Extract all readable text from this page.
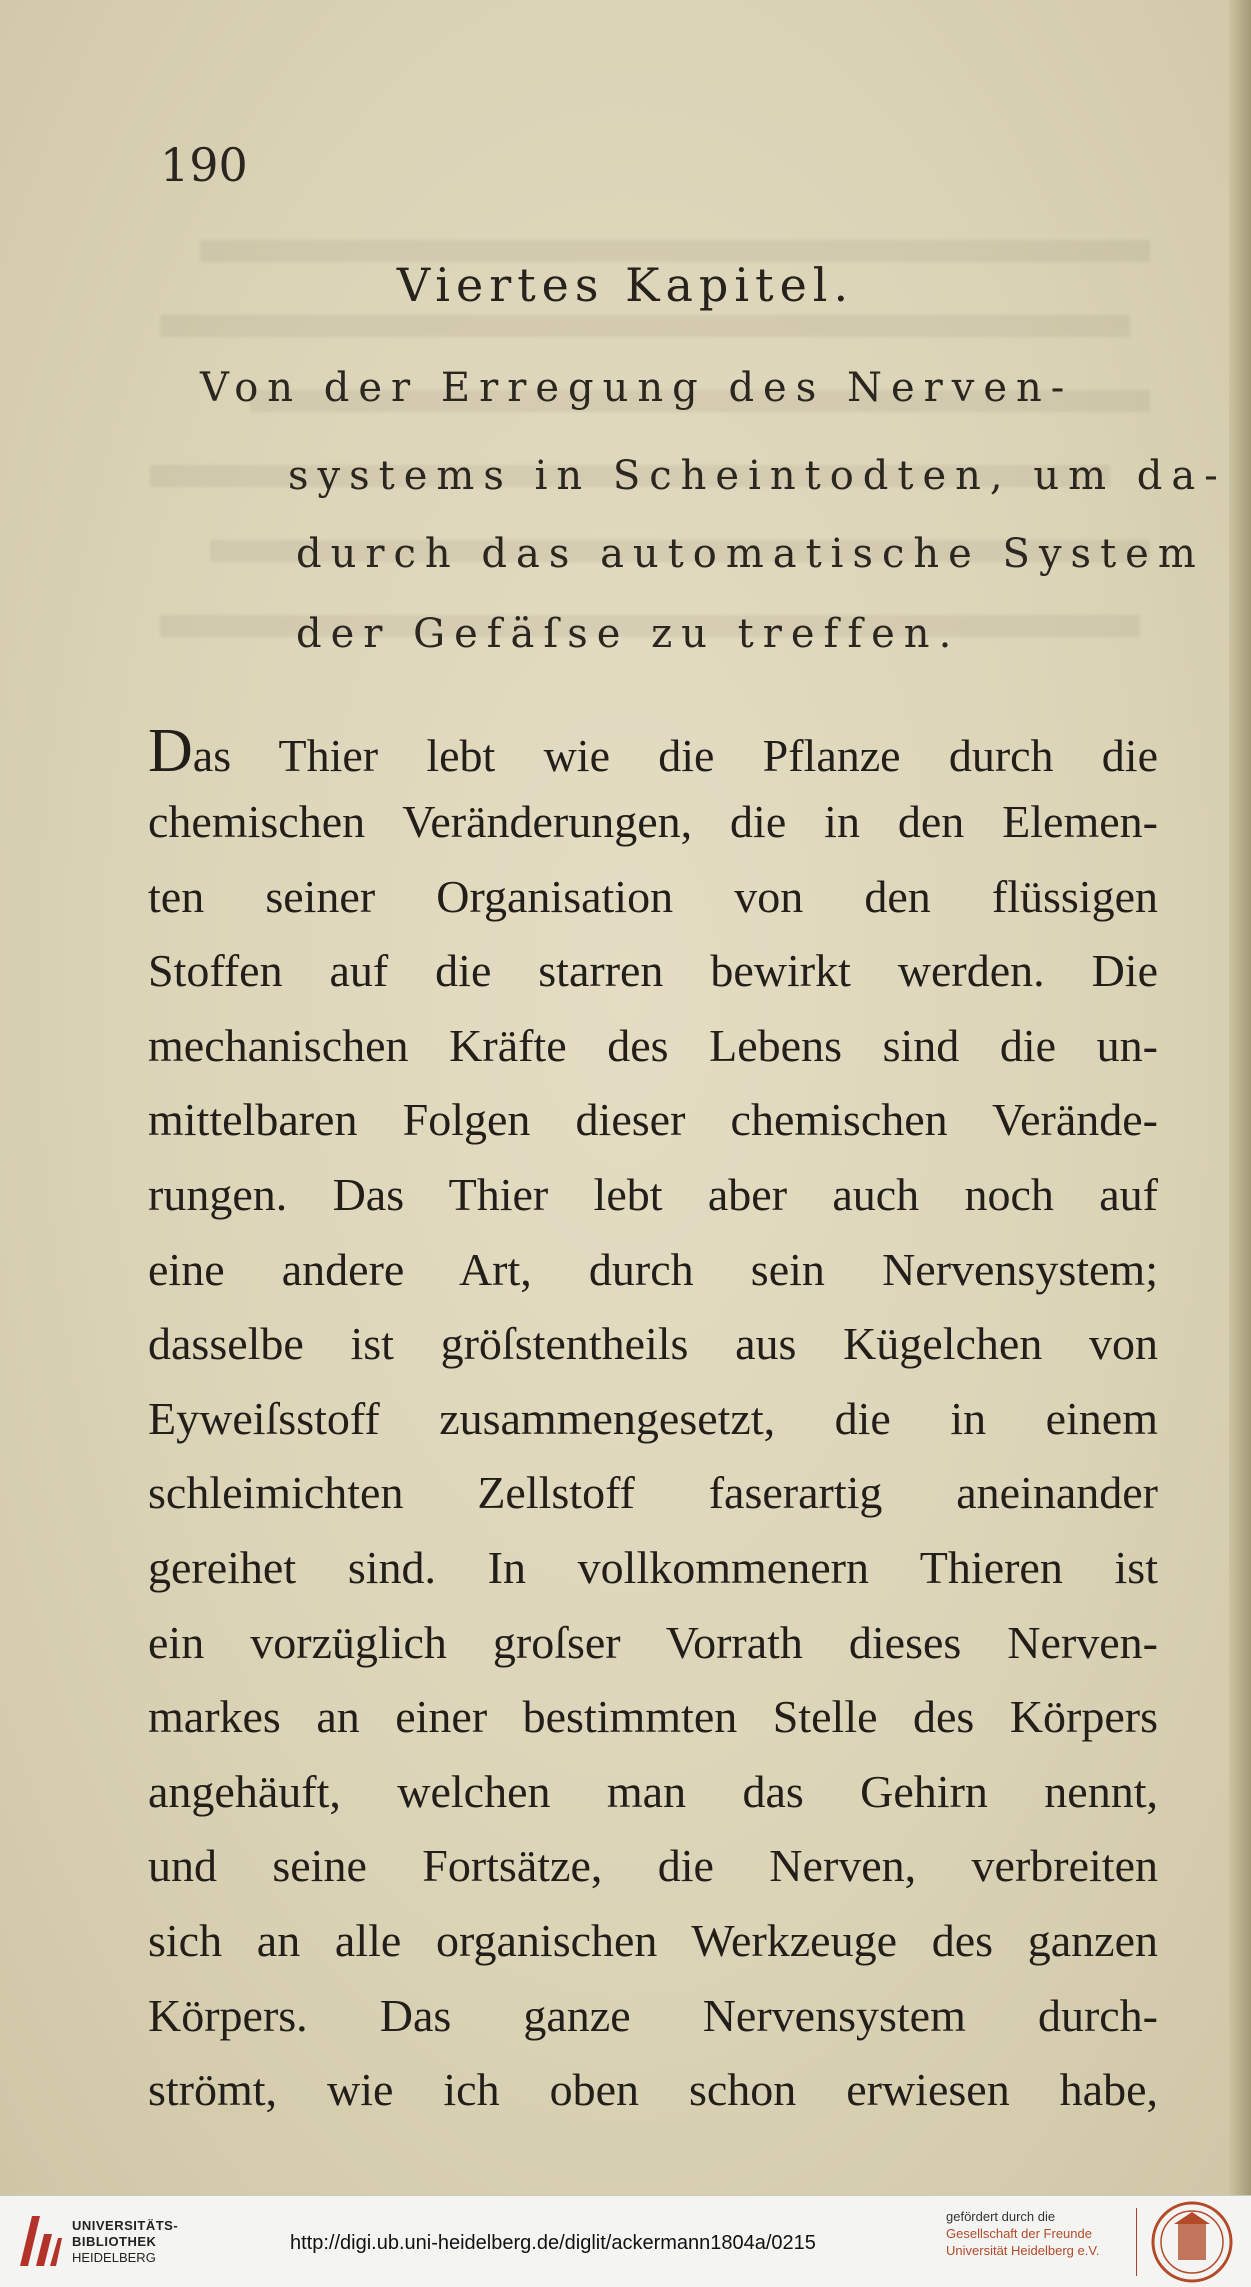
190
Viertes Kapitel.
Von der Erregung des Nerven-
systems in Scheintodten, um da-
durch das automatische System
der Gefäſse zu treffen.
Das Thier lebt wie die Pflanze durch die
chemischen Veränderungen, die in den Elemen-
ten seiner Organisation von den flüssigen
Stoffen auf die starren bewirkt werden. Die
mechanischen Kräfte des Lebens sind die un-
mittelbaren Folgen dieser chemischen Verände-
rungen. Das Thier lebt aber auch noch auf
eine andere Art, durch sein Nervensystem;
dasselbe ist gröſstentheils aus Kügelchen von
Eyweiſsstoff zusammengesetzt, die in einem
schleimichten Zellstoff faserartig aneinander
gereihet sind. In vollkommenern Thieren ist
ein vorzüglich groſser Vorrath dieses Nerven-
markes an einer bestimmten Stelle des Körpers
angehäuft, welchen man das Gehirn nennt,
und seine Fortsätze, die Nerven, verbreiten
sich an alle organischen Werkzeuge des ganzen
Körpers. Das ganze Nervensystem durch-
strömt, wie ich oben schon erwiesen habe,
UNIVERSITÄTS-
BIBLIOTHEK
HEIDELBERG
http://digi.ub.uni-heidelberg.de/diglit/ackermann1804a/0215
gefördert durch die
Gesellschaft der Freunde
Universität Heidelberg e.V.
